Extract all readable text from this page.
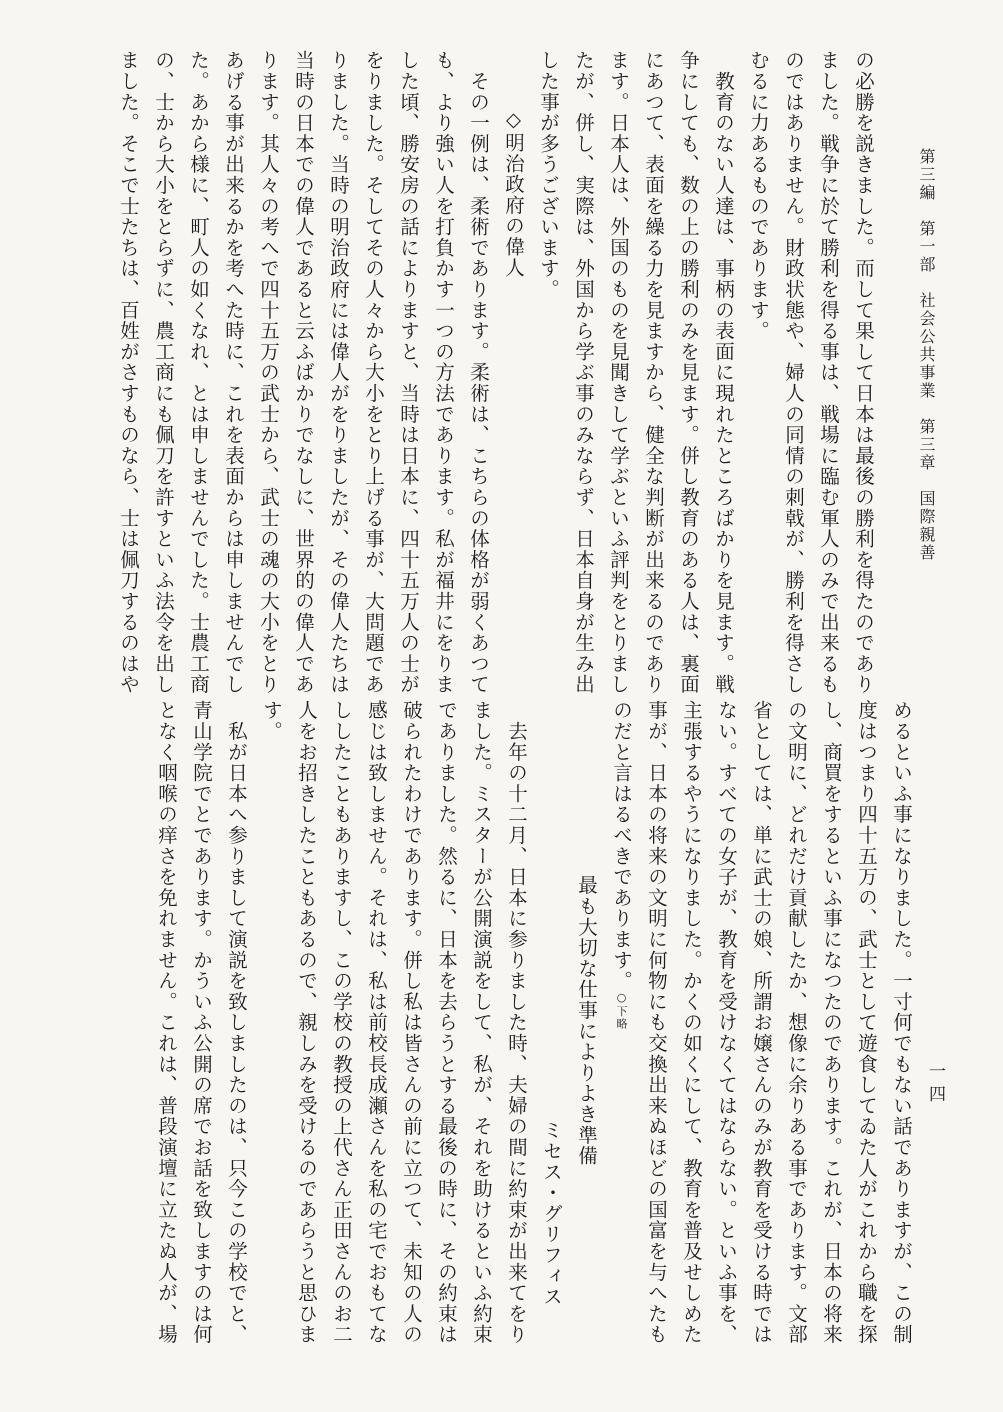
第三編　第一部　社会公共事業　第三章　国際親善
一四
の必勝を説きました。而して果して日本は最後の勝利を得たのであり
ました。戦争に於て勝利を得る事は、戦場に臨む軍人のみで出来るも
のではありません。財政状態や、婦人の同情の刺戟が、勝利を得さし
むるに力あるものであります。
　教育のない人達は、事柄の表面に現れたところばかりを見ます。戦
争にしても、数の上の勝利のみを見ます。併し教育のある人は、裏面
にあつて、表面を繰る力を見ますから、健全な判断が出来るのであり
ます。日本人は、外国のものを見聞きして学ぶといふ評判をとりまし
たが、併し、実際は、外国から学ぶ事のみならず、日本自身が生み出
した事が多うございます。
◇明治政府の偉人
　その一例は、柔術であります。柔術は、こちらの体格が弱くあつて
も、より強い人を打負かす一つの方法であります。私が福井にをりま
した頃、勝安房の話によりますと、当時は日本に、四十五万人の士が
をりました。そしてその人々から大小をとり上げる事が、大問題であ
りました。当時の明治政府には偉人がをりましたが、その偉人たちは
当時の日本での偉人であると云ふばかりでなしに、世界的の偉人であ
ります。其人々の考へで四十五万の武士から、武士の魂の大小をとり
あげる事が出来るかを考へた時に、これを表面からは申しませんでし
た。あから様に、町人の如くなれ、とは申しませんでした。士農工商
の、士から大小をとらずに、農工商にも佩刀を許すといふ法令を出し
ました。そこで士たちは、百姓がさすものなら、士は佩刀するのはや
めるといふ事になりました。一寸何でもない話でありますが、この制
度はつまり四十五万の、武士として遊食してゐた人がこれから職を探
し、商買をするといふ事になつたのであります。これが、日本の将来
の文明に、どれだけ貢献したか、想像に余りある事であります。文部
省としては、単に武士の娘、所謂お嬢さんのみが教育を受ける時では
ない。すべての女子が、教育を受けなくてはならない。といふ事を、
主張するやうになりました。かくの如くにして、教育を普及せしめた
事が、日本の将来の文明に何物にも交換出来ぬほどの国富を与へたも
のだと言はるべきであります。○下略
最も大切な仕事によりよき準備
ミセス・グリフィス
　去年の十二月、日本に参りました時、夫婦の間に約束が出来てをり
ました。ミスターが公開演説をして、私が、それを助けるといふ約束
でありました。然るに、日本を去らうとする最後の時に、その約束は
破られたわけであります。併し私は皆さんの前に立つて、未知の人の
感じは致しません。それは、私は前校長成瀬さんを私の宅でおもてな
ししたこともありますし、この学校の教授の上代さん正田さんのお二
人をお招きしたこともあるので、親しみを受けるのであらうと思ひま
す。
　私が日本へ参りまして演説を致しましたのは、只今この学校でと、
青山学院でとであります。かういふ公開の席でお話を致しますのは何
となく咽喉の痒さを免れません。これは、普段演壇に立たぬ人が、場
